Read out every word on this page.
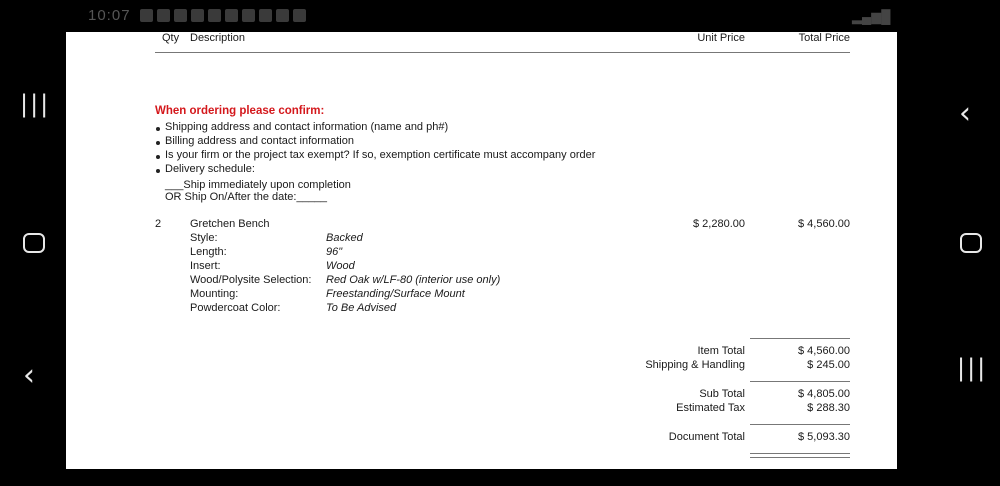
10:07	▂▄▆█
|||
‹
‹
|||
Qty Description	Unit Price	Total Price
When ordering please confirm:
Shipping address and contact information (name and ph#)
Billing address and contact information
Is your firm or the project tax exempt? If so, exemption certificate must accompany order
Delivery schedule:
___Ship immediately upon completion
OR Ship On/After the date:_____
2	Gretchen Bench	$ 2,280.00	$ 4,560.00
Style:	Backed
Length:	96"
Insert:	Wood
Wood/Polysite Selection: Red Oak w/LF-80 (interior use only)
Mounting:	Freestanding/Surface Mount
Powdercoat Color:	To Be Advised
Item Total	$ 4,560.00
Shipping & Handling	$ 245.00
Sub Total	$ 4,805.00
Estimated Tax	$ 288.30
Document Total	$ 5,093.30
